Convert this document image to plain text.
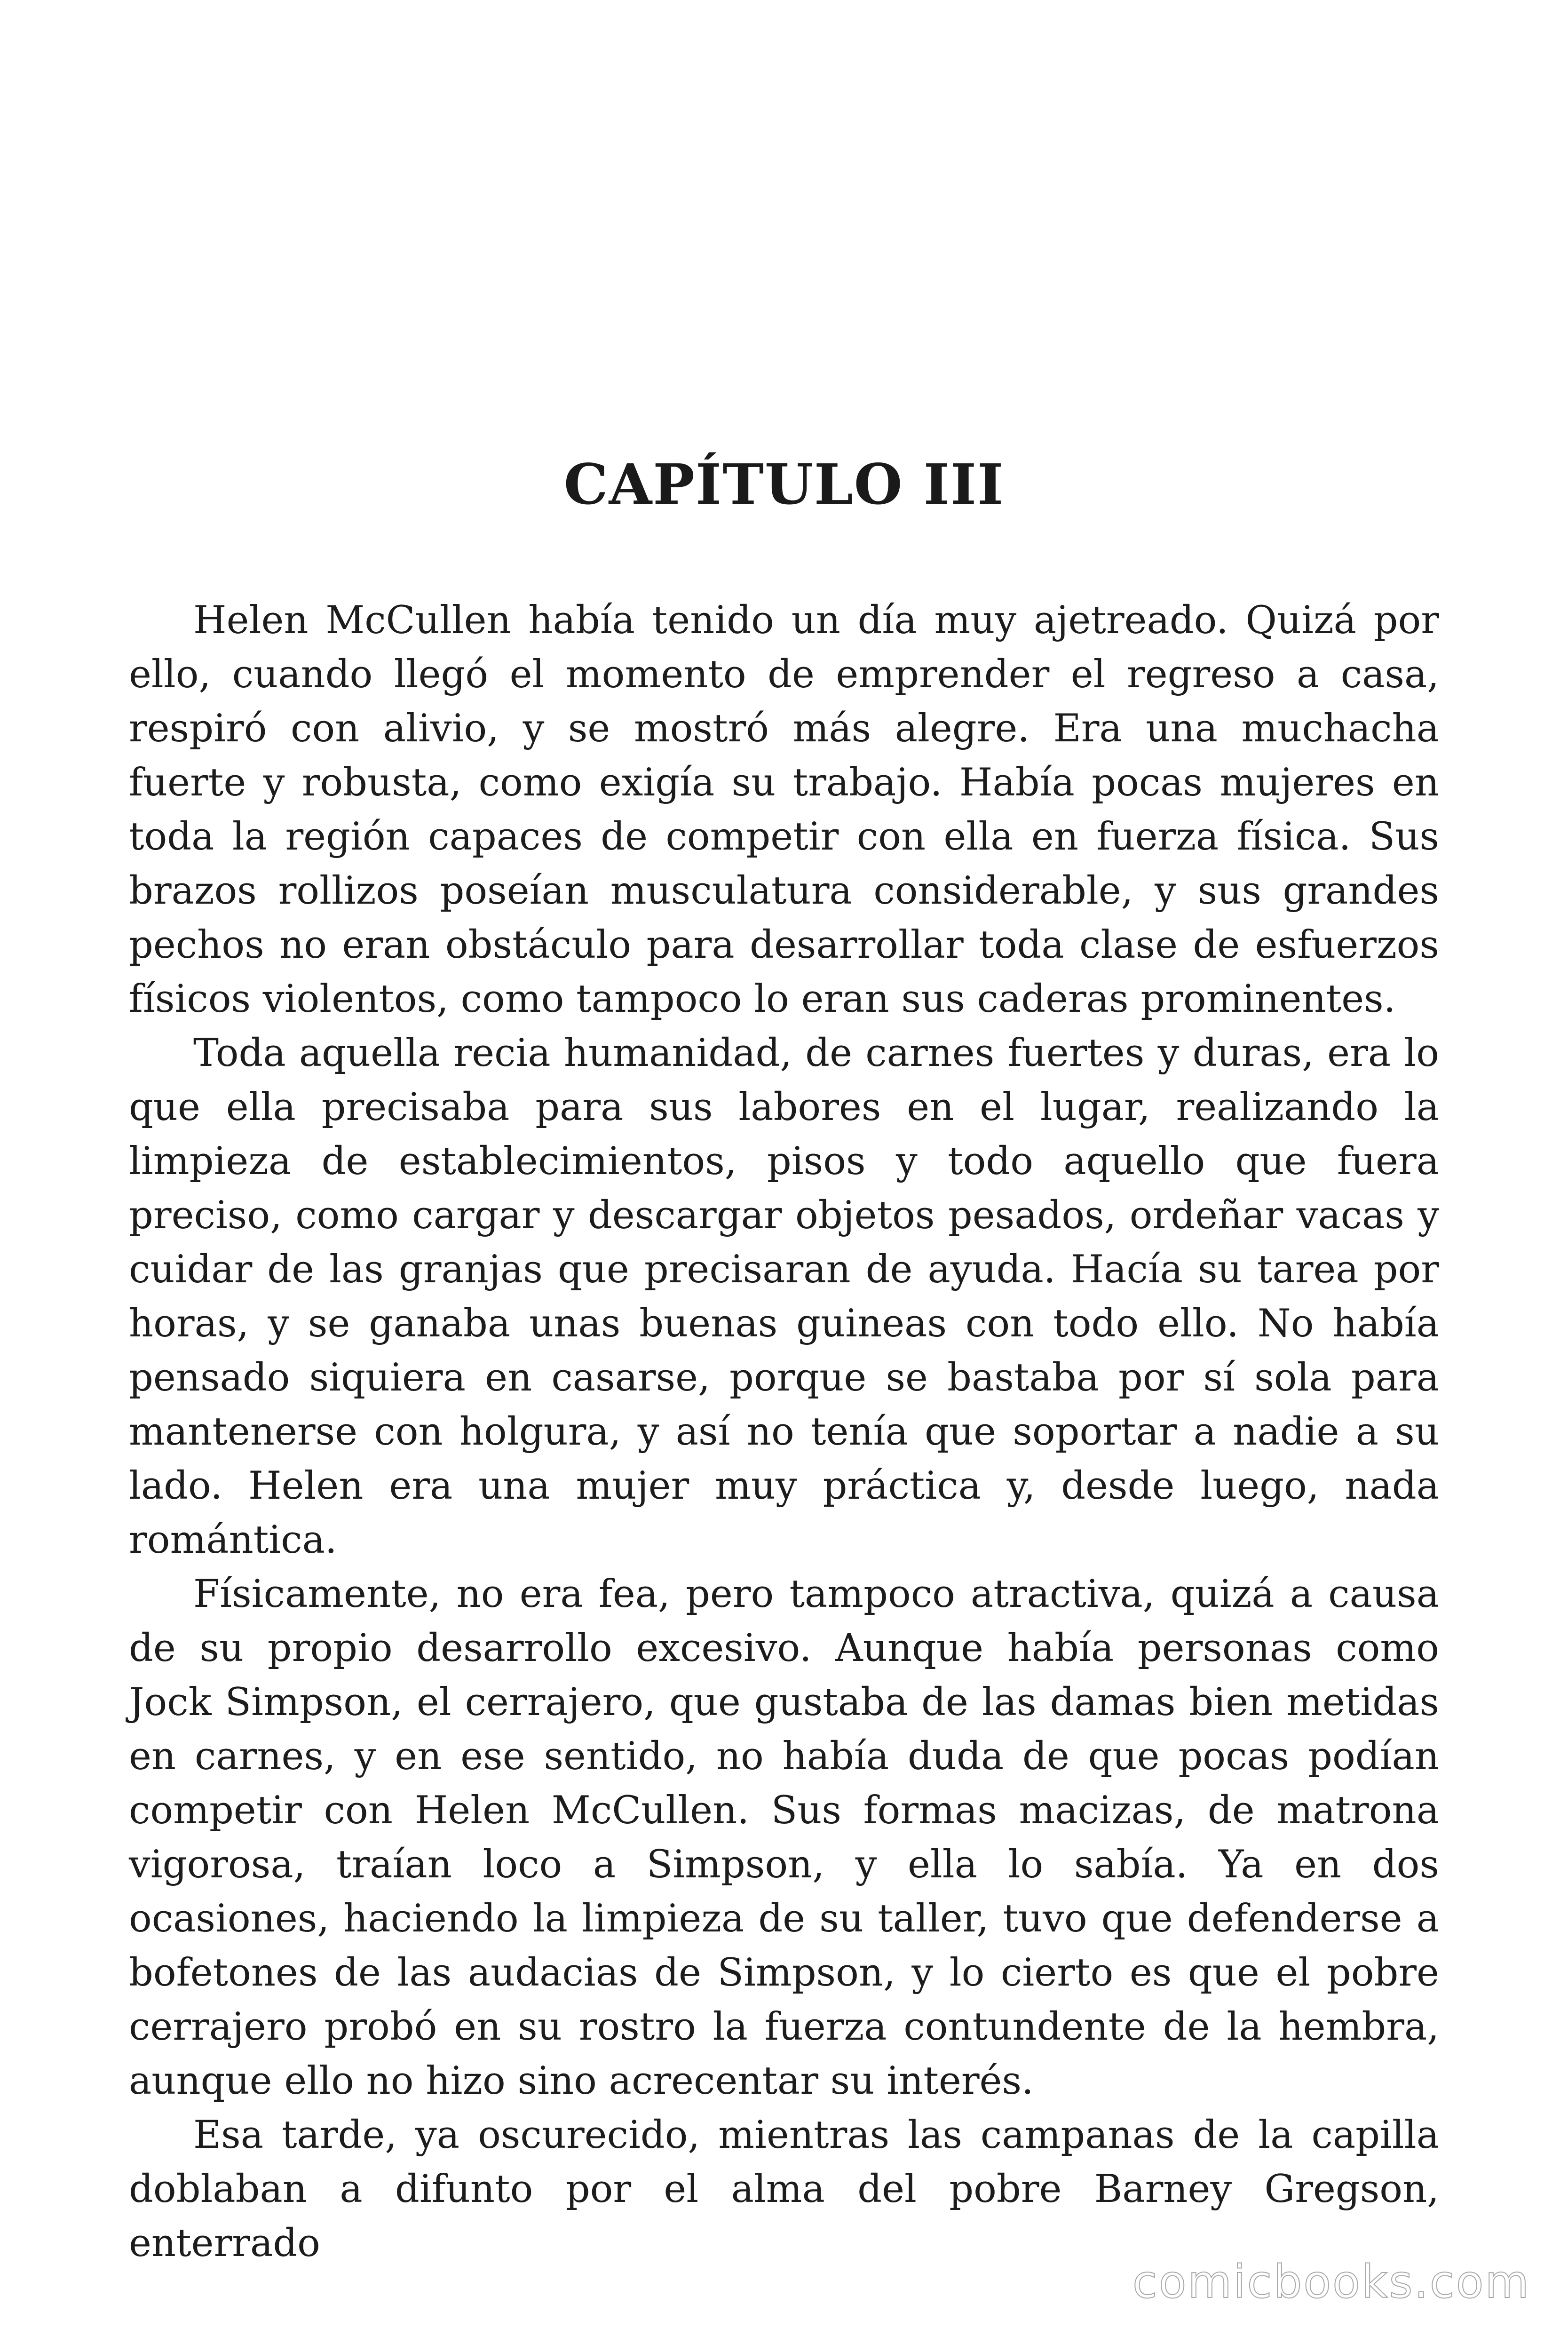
CAPÍTULO III

Helen McCullen había tenido un día muy ajetreado. Quizá por ello, cuando llegó el momento de emprender el regreso a casa, respiró con alivio, y se mostró más alegre. Era una muchacha fuerte y robusta, como exigía su trabajo. Había pocas mujeres en toda la región capaces de competir con ella en fuerza física. Sus brazos rollizos poseían musculatura considerable, y sus grandes pechos no eran obstáculo para desarrollar toda clase de esfuerzos físicos violentos, como tampoco lo eran sus caderas prominentes.

Toda aquella recia humanidad, de carnes fuertes y duras, era lo que ella precisaba para sus labores en el lugar, realizando la limpieza de establecimientos, pisos y todo aquello que fuera preciso, como cargar y descargar objetos pesados, ordeñar vacas y cuidar de las granjas que precisaran de ayuda. Hacía su tarea por horas, y se ganaba unas buenas guineas con todo ello. No había pensado siquiera en casarse, porque se bastaba por sí sola para mantenerse con holgura, y así no tenía que soportar a nadie a su lado. Helen era una mujer muy práctica y, desde luego, nada romántica.

Físicamente, no era fea, pero tampoco atractiva, quizá a causa de su propio desarrollo excesivo. Aunque había personas como Jock Simpson, el cerrajero, que gustaba de las damas bien metidas en carnes, y en ese sentido, no había duda de que pocas podían competir con Helen McCullen. Sus formas macizas, de matrona vigorosa, traían loco a Simpson, y ella lo sabía. Ya en dos ocasiones, haciendo la limpieza de su taller, tuvo que defenderse a bofetones de las audacias de Simpson, y lo cierto es que el pobre cerrajero probó en su rostro la fuerza contundente de la hembra, aunque ello no hizo sino acrecentar su interés.

Esa tarde, ya oscurecido, mientras las campanas de la capilla doblaban a difunto por el alma del pobre Barney Gregson, enterrado

comicbooks.com
